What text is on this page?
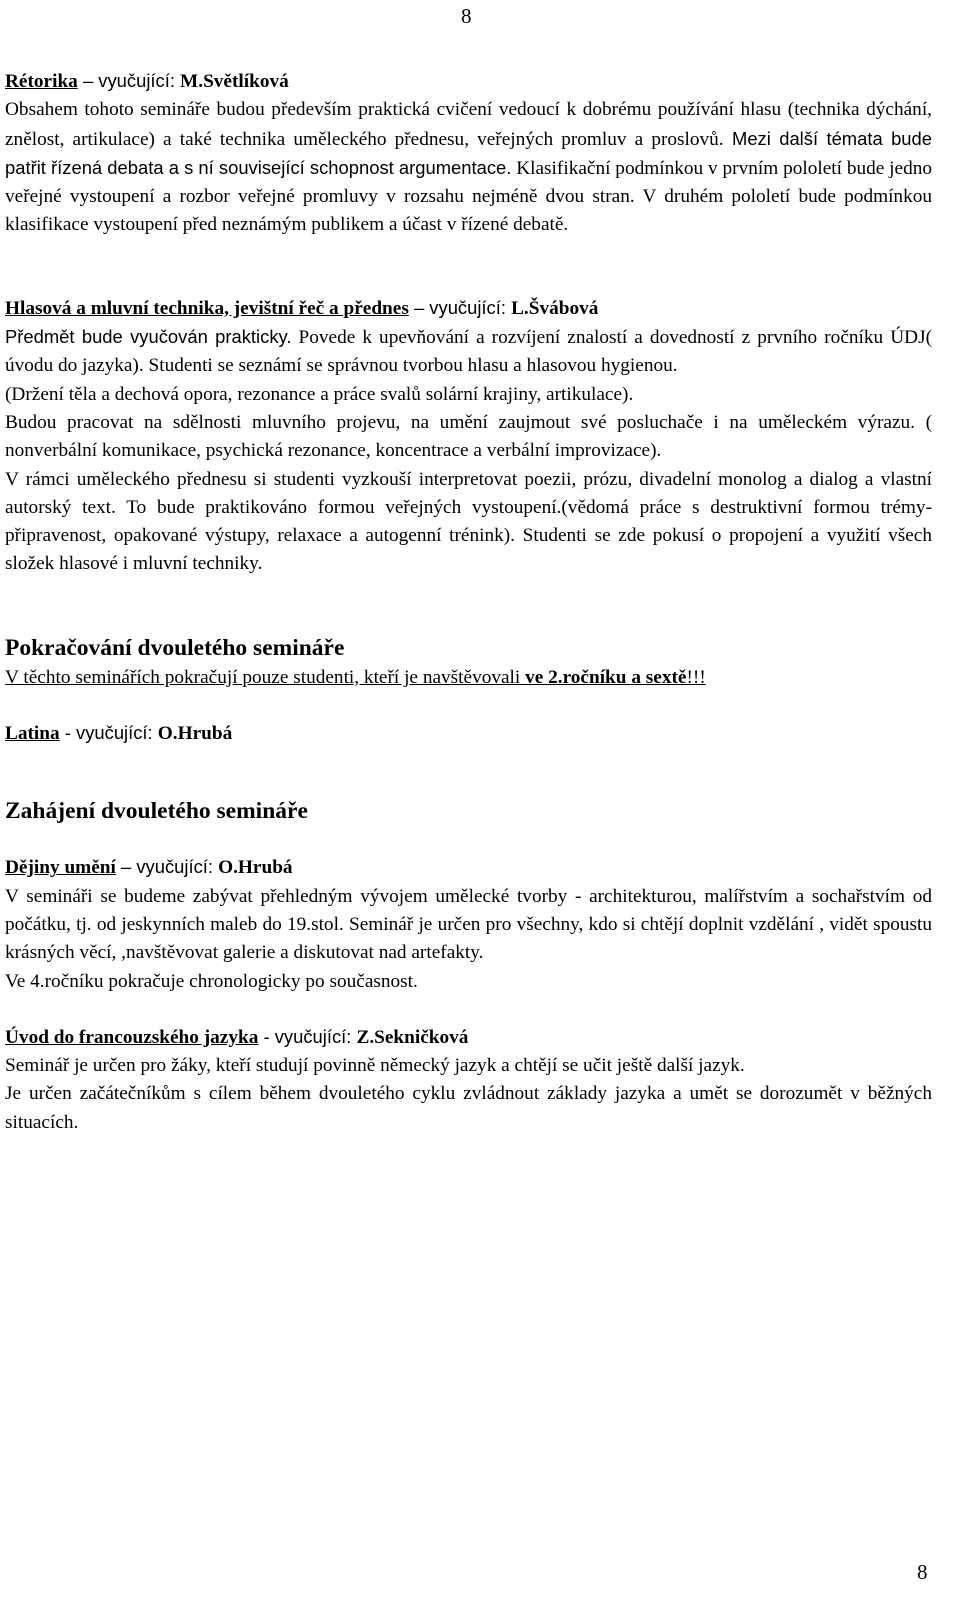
8
Rétorika – vyučující: M.Světlíková

Obsahem tohoto semináře budou především praktická cvičení vedoucí k dobrému používání hlasu (technika dýchání, znělost, artikulace) a také technika uměleckého přednesu, veřejných promluv a proslovů. Mezi další témata bude patřit řízená debata a s ní související schopnost argumentace. Klasifikační podmínkou v prvním pololetí bude jedno veřejné vystoupení a rozbor veřejné promluvy v rozsahu nejméně dvou stran. V druhém pololetí bude podmínkou klasifikace vystoupení před neznámým publikem a účast v řízené debatě.

Hlasová a mluvní technika, jevištní řeč a přednes – vyučující: L.Švábová

Předmět bude vyučován prakticky. Povede k upevňování a rozvíjení znalostí a dovedností z prvního ročníku ÚDJ( úvodu do jazyka). Studenti se seznámí se správnou tvorbou hlasu a hlasovou hygienou.

(Držení těla a dechová opora, rezonance a práce svalů solární krajiny, artikulace).

Budou pracovat na sdělnosti mluvního projevu, na umění zaujmout své posluchače i na uměleckém výrazu. ( nonverbální komunikace, psychická rezonance, koncentrace a verbální improvizace).

V rámci uměleckého přednesu si studenti vyzkouší interpretovat poezii, prózu, divadelní monolog a dialog a vlastní autorský text. To bude praktikováno formou veřejných vystoupení.(vědomá práce s destruktivní formou trémy- připravenost, opakované výstupy, relaxace a autogenní trénink). Studenti se zde pokusí o propojení a využití všech složek hlasové i mluvní techniky.

Pokračování dvouletého semináře

V těchto seminářích pokračují pouze studenti, kteří je navštěvovali ve 2.ročníku a sextě!!!

Latina - vyučující: O.Hrubá
Zahájení dvouletého semináře
Dějiny umění – vyučující: O.Hrubá

V semináři se budeme zabývat přehledným vývojem umělecké tvorby - architekturou, malířstvím a sochařstvím od počátku, tj. od jeskynních maleb do 19.stol. Seminář je určen pro všechny, kdo si chtějí doplnit vzdělání , vidět spoustu krásných věcí, ,navštěvovat galerie a diskutovat nad artefakty.

Ve 4.ročníku pokračuje chronologicky po současnost.

Úvod do francouzského jazyka - vyučující: Z.Sekničková

Seminář je určen pro žáky, kteří studují povinně německý jazyk a chtějí se učit ještě další jazyk.

Je určen začátečníkům s cílem během dvouletého cyklu zvládnout základy jazyka a umět se dorozumět v běžných situacích.

8
